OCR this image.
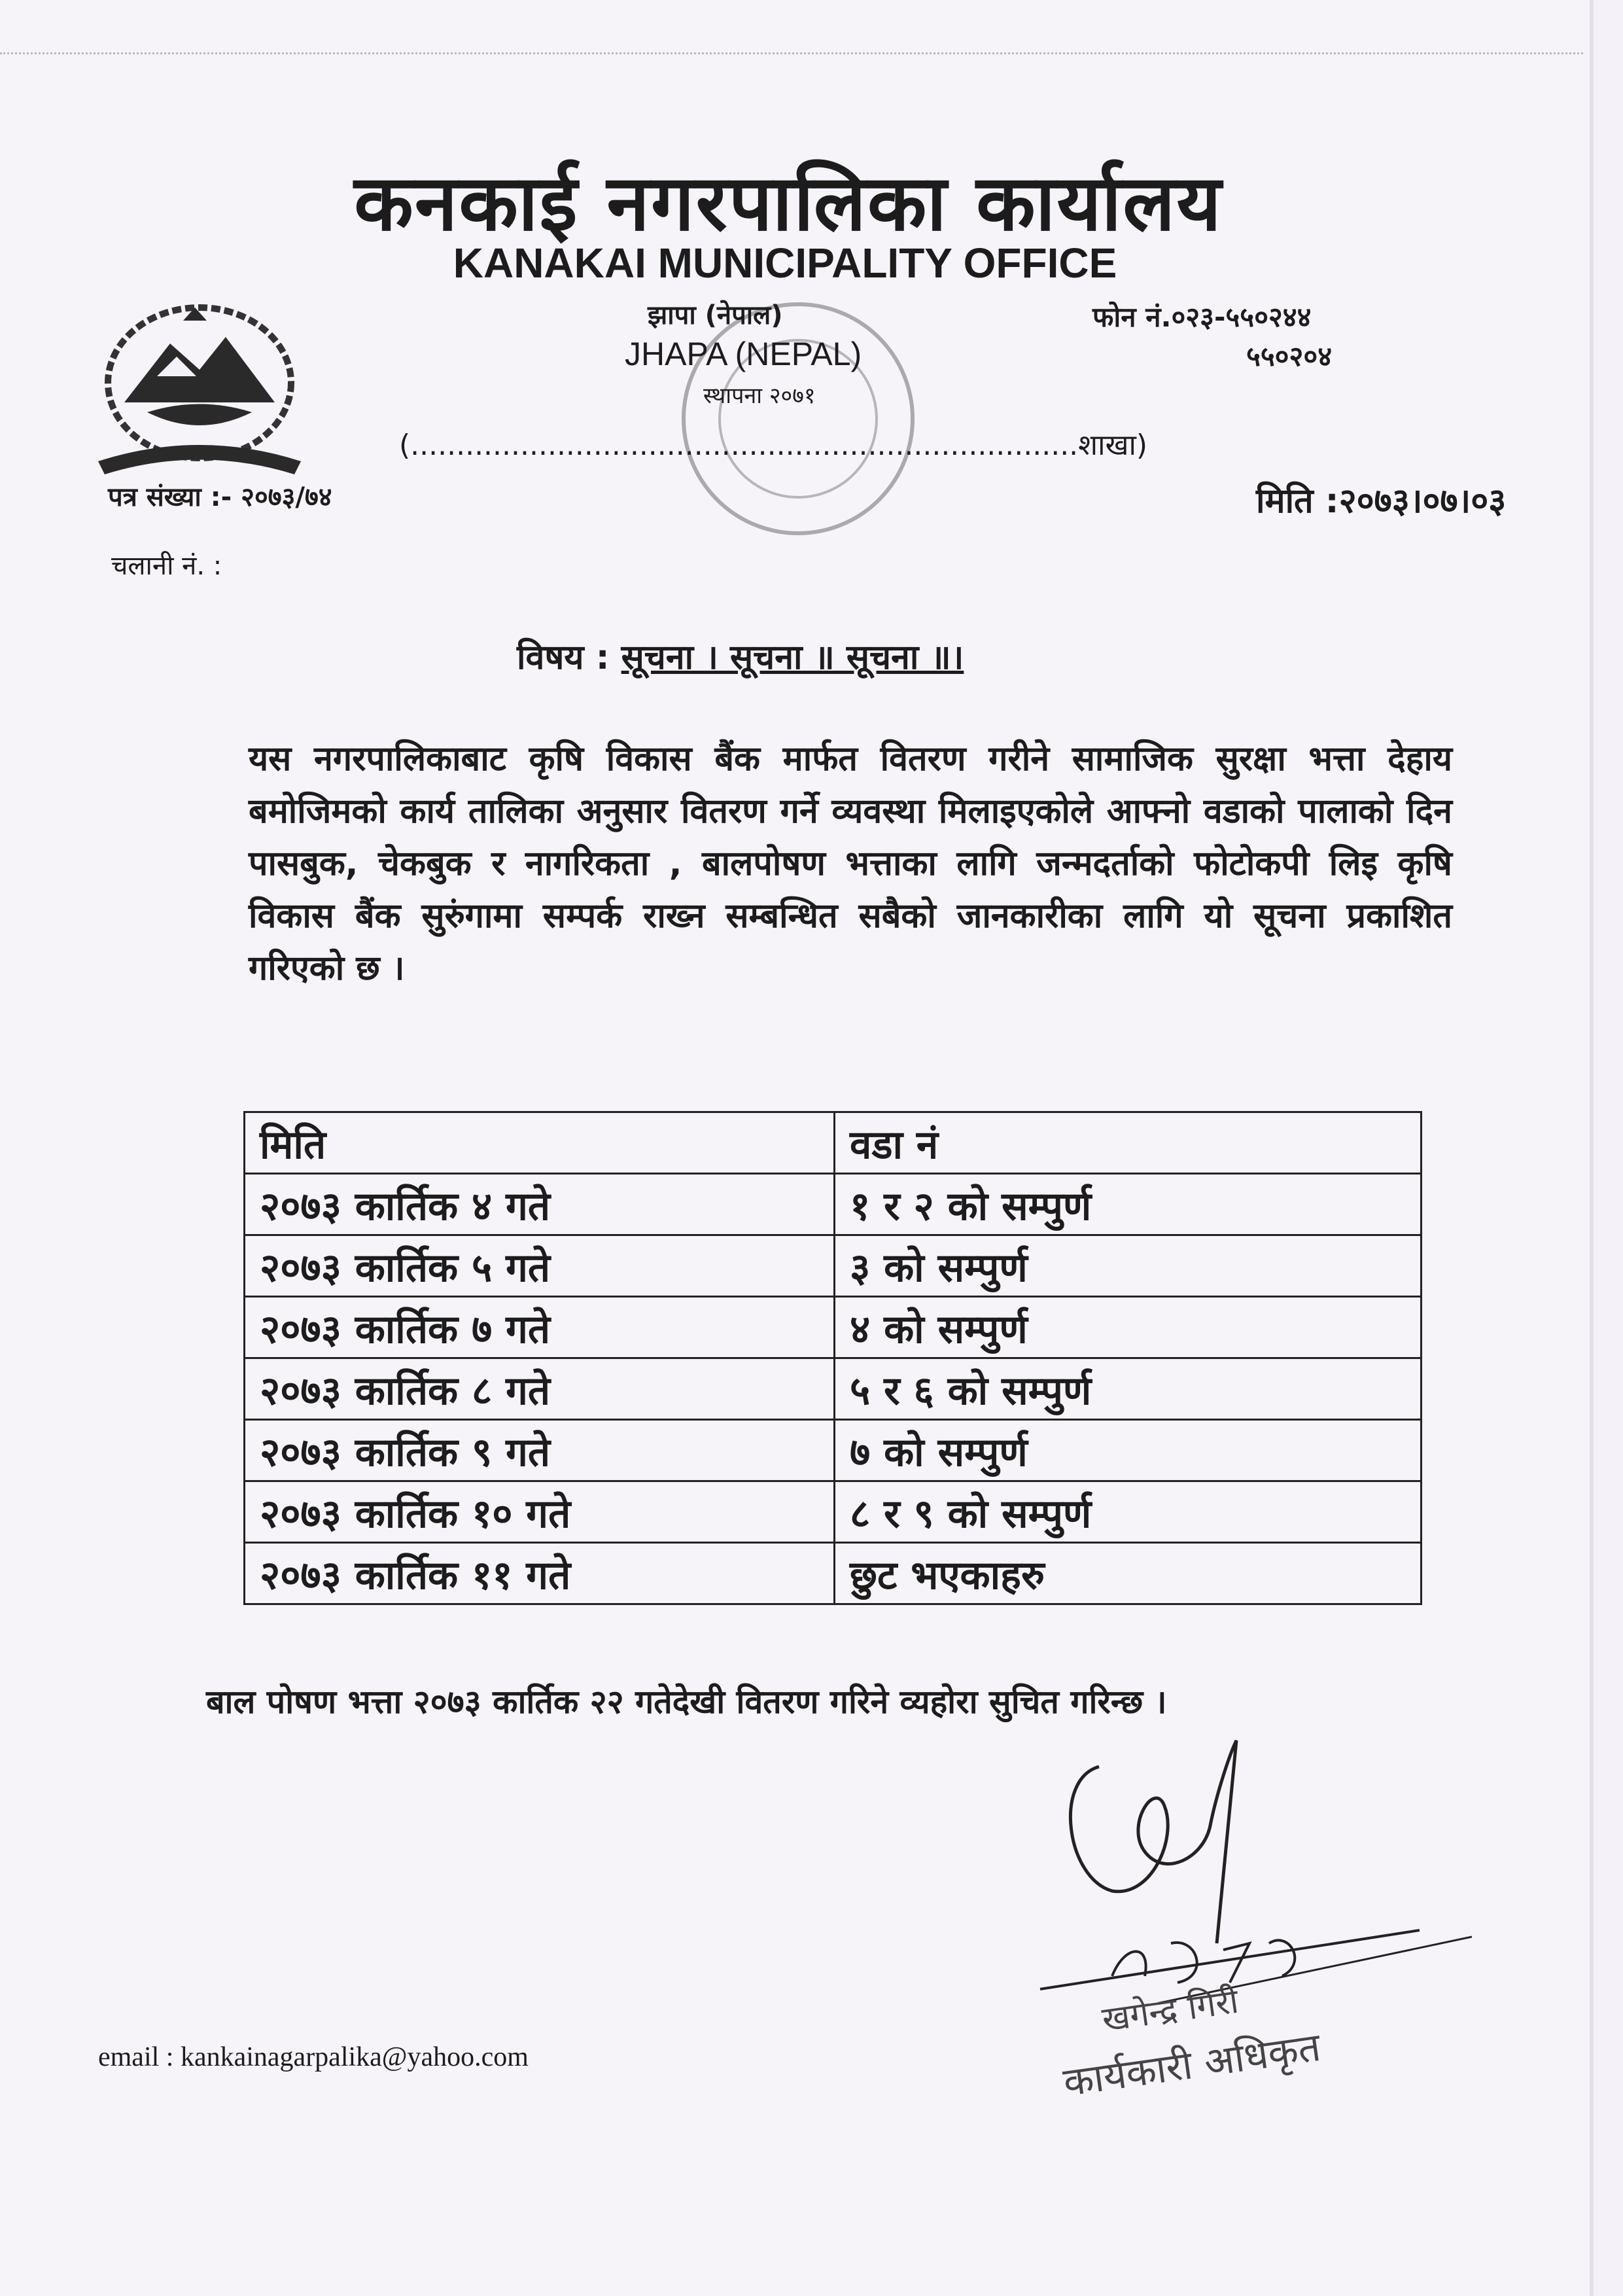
कनकाई नगरपालिका कार्यालय
KANAKAI MUNICIPALITY OFFICE
झापा (नेपाल)
JHAPA (NEPAL)
स्थापना २०७१
फोन नं.०२३-५५०२४४
५५०२०४
(.........................................................................शाखा)
पत्र संख्या :- २०७३/७४	मिति :२०७३।०७।०३
चलानी नं. :
विषय : सूचना । सूचना ॥ सूचना ॥।
यस नगरपालिकाबाट कृषि विकास बैंक मार्फत वितरण गरीने सामाजिक सुरक्षा भत्ता देहाय बमोजिमको कार्य तालिका अनुसार वितरण गर्ने व्यवस्था मिलाइएकोले आफ्नो वडाको पालाको दिन पासबुक, चेकबुक र नागरिकता , बालपोषण भत्ताका लागि जन्मदर्ताको फोटोकपी लिइ कृषि विकास बैंक सुरुंगामा सम्पर्क राख्न सम्बन्धित सबैको जानकारीका लागि यो सूचना प्रकाशित गरिएको छ ।
मिति	वडा नं
२०७३ कार्तिक ४ गते	१ र २ को सम्पुर्ण
२०७३ कार्तिक ५ गते	३ को सम्पुर्ण
२०७३ कार्तिक ७ गते	४ को सम्पुर्ण
२०७३ कार्तिक ८ गते	५ र ६ को सम्पुर्ण
२०७३ कार्तिक ९ गते	७ को सम्पुर्ण
२०७३ कार्तिक १० गते	८ र ९ को सम्पुर्ण
२०७३ कार्तिक ११ गते	छुट भएकाहरु
बाल पोषण भत्ता २०७३ कार्तिक २२ गतेदेखी वितरण गरिने व्यहोरा सुचित गरिन्छ ।
खगेन्द्र गिरी
कार्यकारी अधिकृत
email : kankainagarpalika@yahoo.com
